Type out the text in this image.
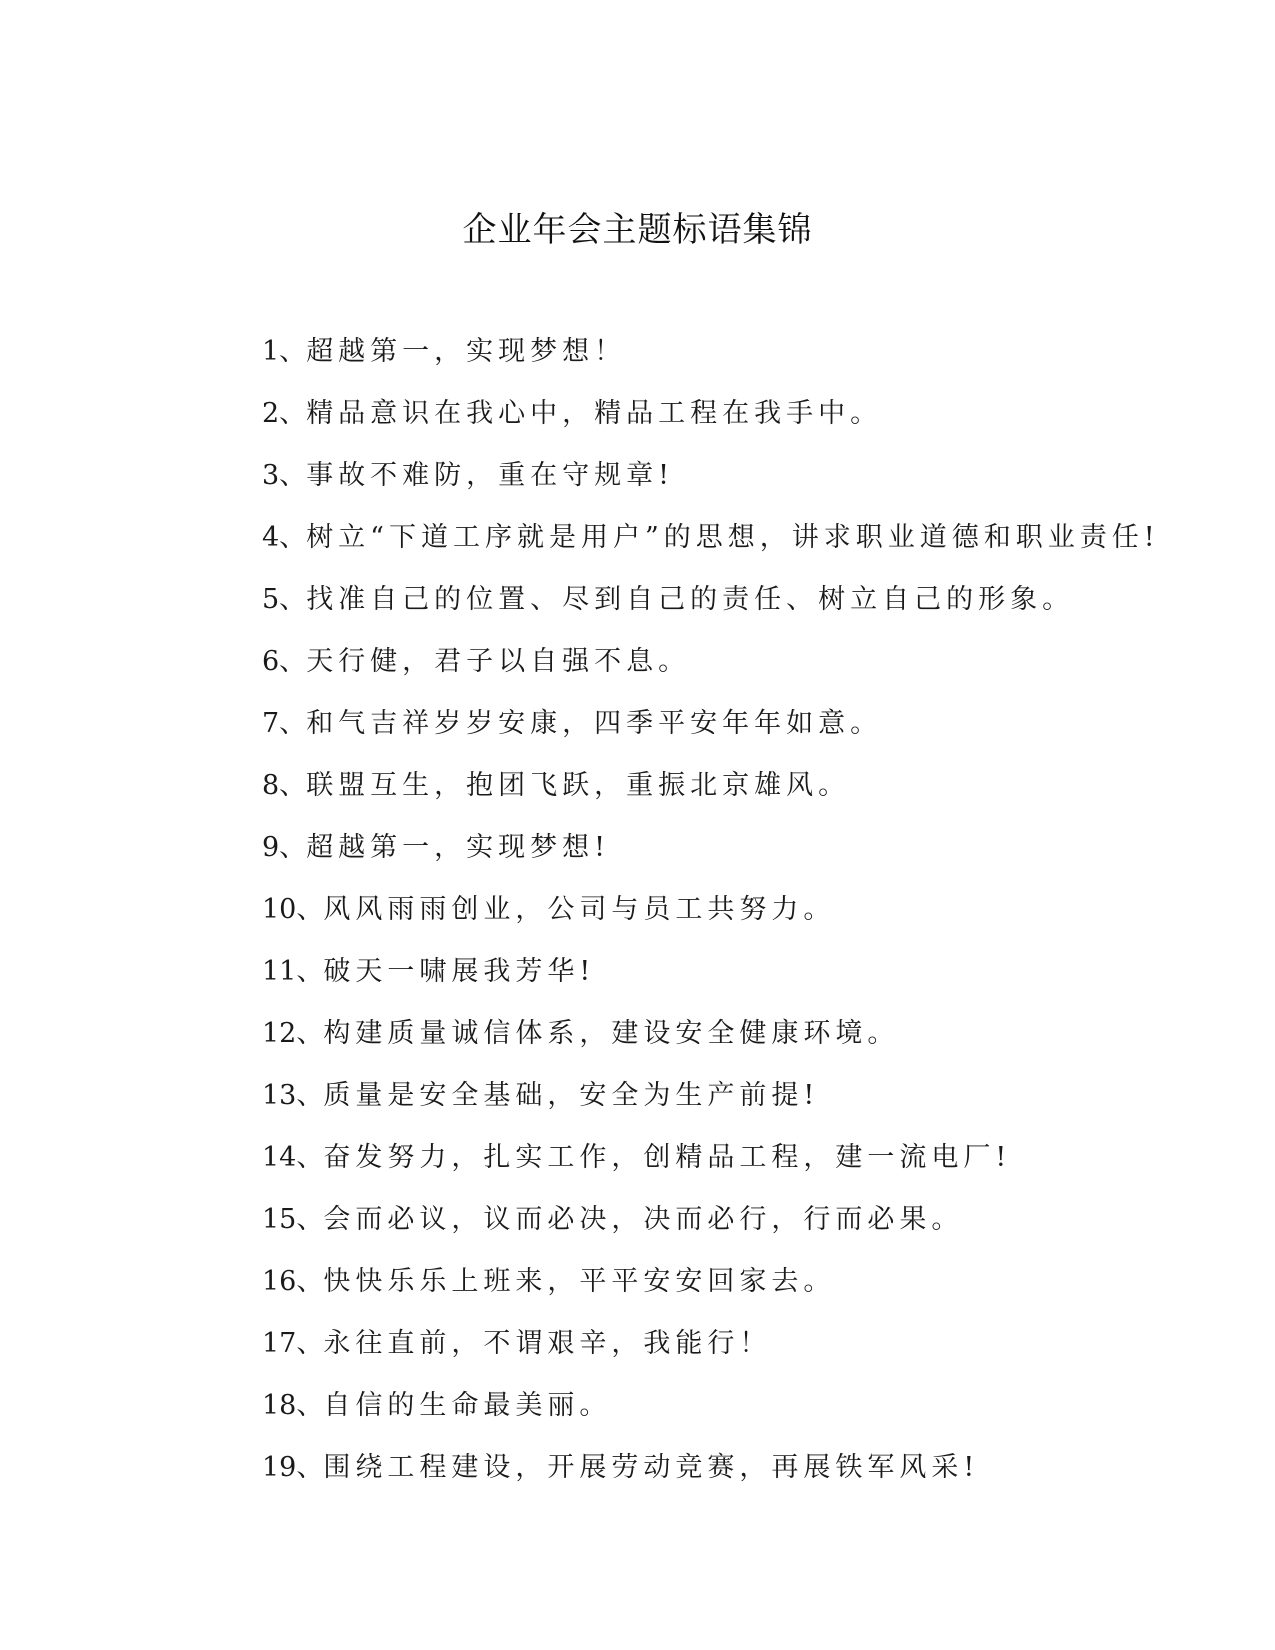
企业年会主题标语集锦
1、超越第一，实现梦想！
2、精品意识在我心中，精品工程在我手中。
3、事故不难防，重在守规章!
4、树立“下道工序就是用户”的思想，讲求职业道德和职业责任!
5、找准自己的位置、尽到自己的责任、树立自己的形象。
6、天行健，君子以自强不息。
7、和气吉祥岁岁安康，四季平安年年如意。
8、联盟互生，抱团飞跃，重振北京雄风。
9、超越第一，实现梦想!
10、风风雨雨创业，公司与员工共努力。
11、破天一啸展我芳华!
12、构建质量诚信体系，建设安全健康环境。
13、质量是安全基础，安全为生产前提!
14、奋发努力，扎实工作，创精品工程，建一流电厂!
15、会而必议，议而必决，决而必行，行而必果。
16、快快乐乐上班来，平平安安回家去。
17、永往直前，不谓艰辛，我能行！
18、自信的生命最美丽。
19、围绕工程建设，开展劳动竞赛，再展铁军风采!
